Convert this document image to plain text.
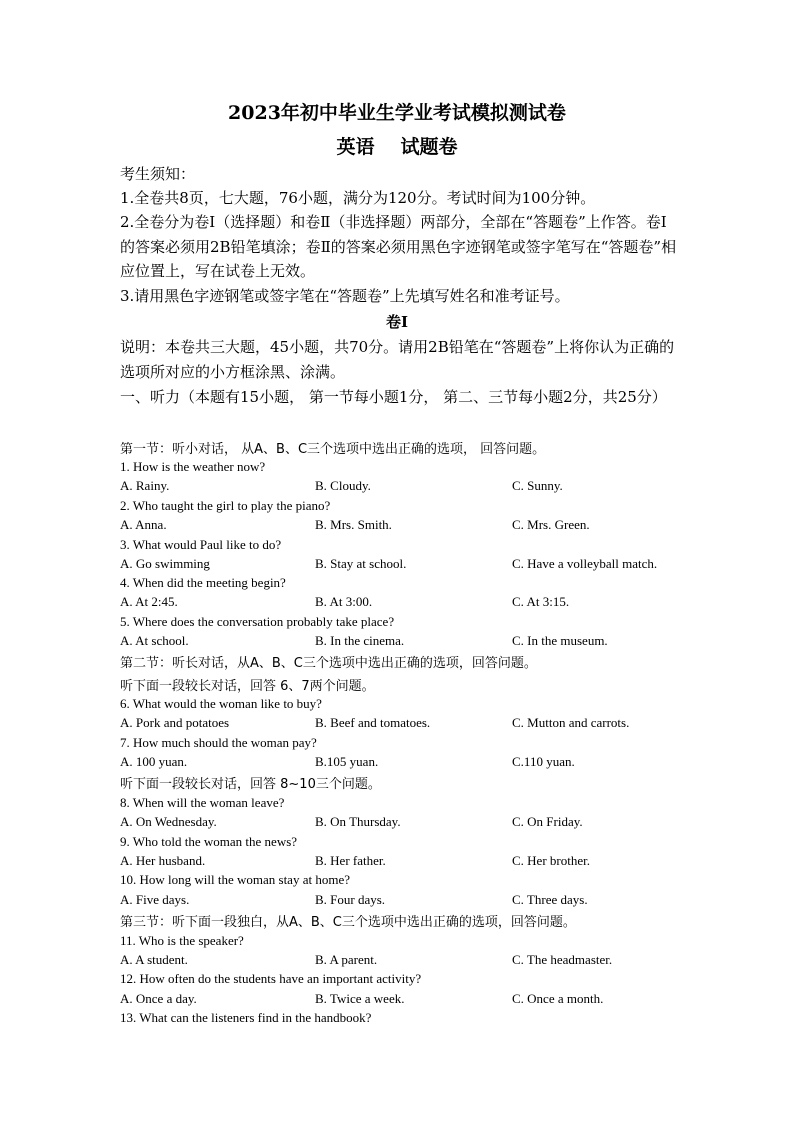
2023年初中毕业生学业考试模拟测试卷
英语 试题卷
考生须知：
1.全卷共8页，七大题，76小题，满分为120分。考试时间为100分钟。
2.全卷分为卷Ⅰ（选择题）和卷Ⅱ（非选择题）两部分，全部在“答题卷”上作答。卷Ⅰ的答案必须用2B铅笔填涂；卷Ⅱ的答案必须用黑色字迹钢笔或签字笔写在“答题卷”相应位置上，写在试卷上无效。
3.请用黑色字迹钢笔或签字笔在“答题卷”上先填写姓名和准考证号。
卷Ⅰ
说明：本卷共三大题，45小题，共70分。请用2B铅笔在“答题卷”上将你认为正确的选项所对应的小方框涂黑、涂满。
一、听力（本题有15小题， 第一节每小题1分， 第二、三节每小题2分，共25分）
第一节：听小对话， 从A、B、C三个选项中选出正确的选项， 回答问题。
1. How is the weather now?
A. Rainy.	B. Cloudy.	C. Sunny.
2. Who taught the girl to play the piano?
A. Anna.	B. Mrs. Smith.	C. Mrs. Green.
3. What would Paul like to do?
A. Go swimming	B. Stay at school.	C. Have a volleyball match.
4. When did the meeting begin?
A. At 2:45.	B. At 3:00.	C. At 3:15.
5. Where does the conversation probably take place?
A. At school.	B. In the cinema.	C. In the museum.
第二节：听长对话，从A、B、C三个选项中选出正确的选项，回答问题。
听下面一段较长对话，回答 6、7两个问题。
6. What would the woman like to buy?
A. Pork and potatoes	B. Beef and tomatoes.	C. Mutton and carrots.
7. How much should the woman pay?
A. 100 yuan.	B.105 yuan.	C.110 yuan.
听下面一段较长对话，回答 8~10三个问题。
8. When will the woman leave?
A. On Wednesday.	B. On Thursday.	C. On Friday.
9. Who told the woman the news?
A. Her husband.	B. Her father.	C. Her brother.
10. How long will the woman stay at home?
A. Five days.	B. Four days.	C. Three days.
第三节：听下面一段独白，从A、B、C三个选项中选出正确的选项，回答问题。
11. Who is the speaker?
A. A student.	B. A parent.	C. The headmaster.
12. How often do the students have an important activity?
A. Once a day.	B. Twice a week.	C. Once a month.
13. What can the listeners find in the handbook?
